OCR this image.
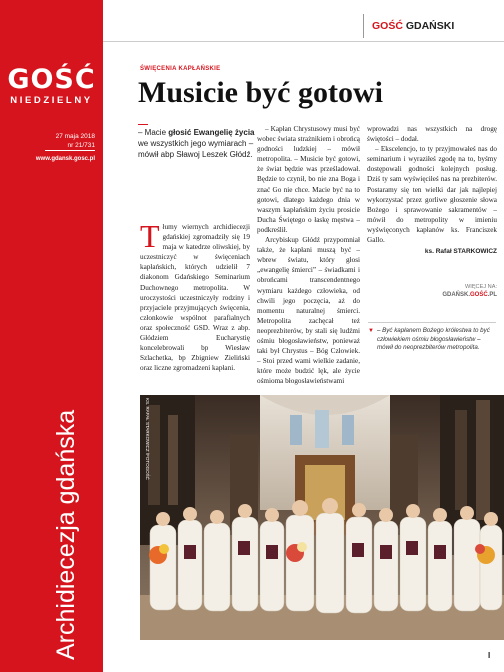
GOŚĆ
NIEDZIELNY
27 maja 2018
nr 21/731
www.gdansk.gosc.pl
Archidiecezja gdańska
GOŚĆ GDAŃSKI
ŚWIĘCENIA KAPŁAŃSKIE
Musicie być gotowi
– Macie głosić Ewangelię życia we wszystkich jego wymiarach – mówił abp Sławoj Leszek Głódź.
T łumy wiernych archidiecezji gdańskiej zgromadziły się 19 maja w katedrze oliwskiej, by uczestniczyć w święceniach kapłańskich, których udzielił 7 diakonom Gdańskiego Seminarium Duchownego metropolita. W uroczystości uczestniczyły rodziny i przyjaciele przyjmujących święcenia, członkowie wspólnot parafialnych oraz społeczność GSD. Wraz z abp. Głódziem Eucharystię koncelebrowali bp Wiesław Szlachetka, bp Zbigniew Zieliński oraz liczne zgromadzeni kapłani.

– Kapłan Chrystusowy musi być wobec świata strażnikiem i obrońcą godności ludzkiej – mówił metropolita. – Musicie być gotowi, że świat będzie was prześladował. Będzie to czynił, bo nie zna Boga i znać Go nie chce. Macie być na to gotowi, dlatego każdego dnia w waszym kapłańskim życiu prosicie Ducha Świętego o łaskę męstwa – podkreślił.

Arcybiskup Głódź przypomniał także, że kapłani muszą być – wbrew światu, który głosi „ewangelię śmierci” – świadkami i obrońcami transcendentnego wymiaru każdego człowieka, od chwili jego poczęcia, aż do momentu naturalnej śmierci. Metropolita zachęcał też neoprezbiterów, by stali się ludźmi ośmiu błogosławieństw, ponieważ taki był Chrystus – Bóg Człowiek. – Stoi przed wami wielkie zadanie, które może budzić lęk, ale życie ośmioma błogosławieństwami

wprowadzi nas wszystkich na drogę świętości – dodał.

– Ekscelencjo, to ty przyjmowałeś nas do seminarium i wyraziłeś zgodę na to, byśmy dostępowali godności kolejnych posług. Dziś ty sam wyświęciłeś nas na prezbiterów. Postaramy się ten wielki dar jak najlepiej wykorzystać przez gorliwe głoszenie słowa Bożego i sprawowanie sakramentów – mówił do metropolity w imieniu wyświęconych kapłanów ks. Franciszek Gallo.

ks. Rafał STARKOWICZ
WIĘCEJ NA:
GDAŃSK.GOŚĆ.PL
▼ – Być kapłanem Bożego królestwa to być człowiekiem ośmiu błogosławieństw – mówił do neoprezbiterów metropolita.
KS. RAFAŁ STARKOWICZ /FOTOGOŚĆ
I
